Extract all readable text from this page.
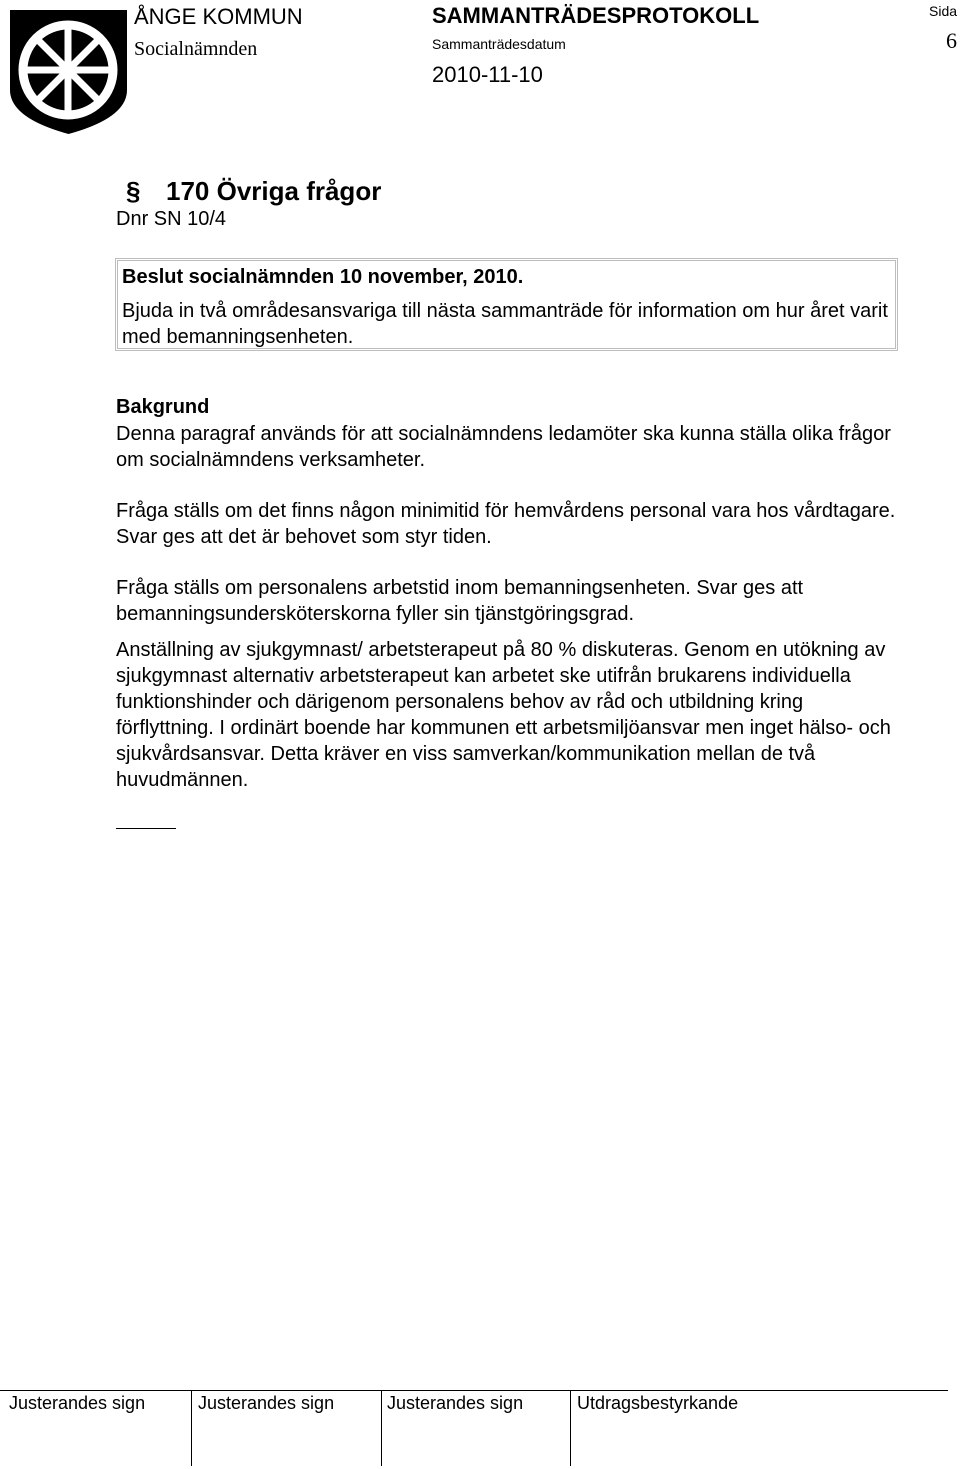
ÅNGE KOMMUN
Socialnämnden
SAMMANTRÄDESPROTOKOLL
Sammanträdesdatum
2010-11-10
Sida
6
§ 170 Övriga frågor
Dnr SN 10/4
Beslut socialnämnden 10 november, 2010.
Bjuda in två områdesansvariga till nästa sammanträde för information om hur året varit med bemanningsenheten.
Bakgrund
Denna paragraf används för att socialnämndens ledamöter ska kunna ställa olika frågor om socialnämndens verksamheter.
Fråga ställs om det finns någon minimitid för hemvårdens personal vara hos vårdtagare. Svar ges att det är behovet som styr tiden.
Fråga ställs om personalens arbetstid inom bemanningsenheten. Svar ges att bemanningsundersköterskorna fyller sin tjänstgöringsgrad.
Anställning av sjukgymnast/ arbetsterapeut på 80 % diskuteras. Genom en utökning av sjukgymnast alternativ arbetsterapeut kan arbetet ske utifrån brukarens individuella funktionshinder och därigenom personalens behov av råd och utbildning kring förflyttning. I ordinärt boende har kommunen ett arbetsmiljöansvar men inget hälso- och sjukvårdsansvar. Detta kräver en viss samverkan/kommunikation mellan de två huvudmännen.
Justerandes sign	Justerandes sign	Justerandes sign	Utdragsbestyrkande
